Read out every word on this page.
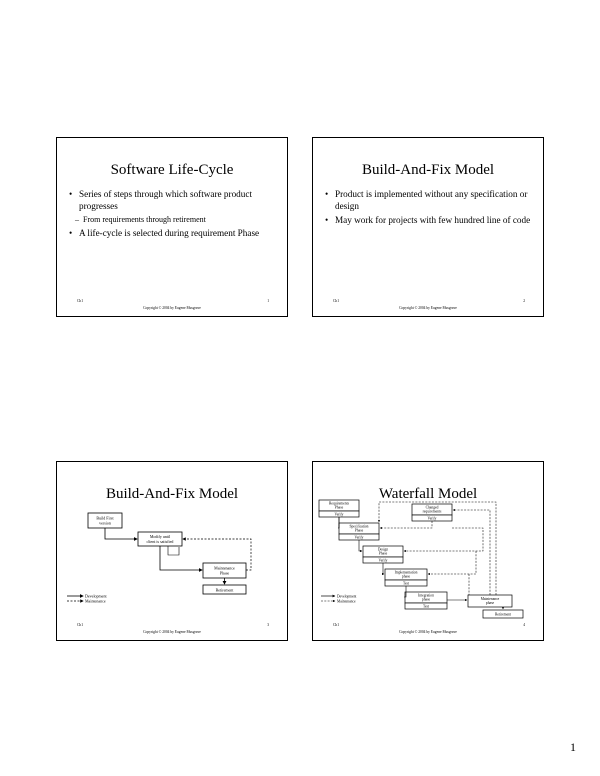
Software Life-Cycle
• Series of steps through which software product progresses
– From requirements through retirement
• A life-cycle is selected during requirement Phase
Ch1
Copyright © 2004 by Eugene Musgrave
1
Build-And-Fix Model
• Product is implemented without any specification or design
• May work for projects with few hundred line of code
Ch1
Copyright © 2004 by Eugene Musgrave
2
Build-And-Fix Model
Build First
version
Modify until
client is satisfied
Maintenance
Phase
Retirement
Development
Maintenance
Ch1
Copyright © 2004 by Eugene Musgrave
3
Waterfall Model
Requirements
Phase
Verify
Changed
requirements
Verify
Specification
Phase
Verify
Design
Phase
Verify
Implementation
phase
Test
Integration
phase
Test
Maintenance
phase
Retirement
Development
Maintenance
Ch1
Copyright © 2004 by Eugene Musgrave
4
1
